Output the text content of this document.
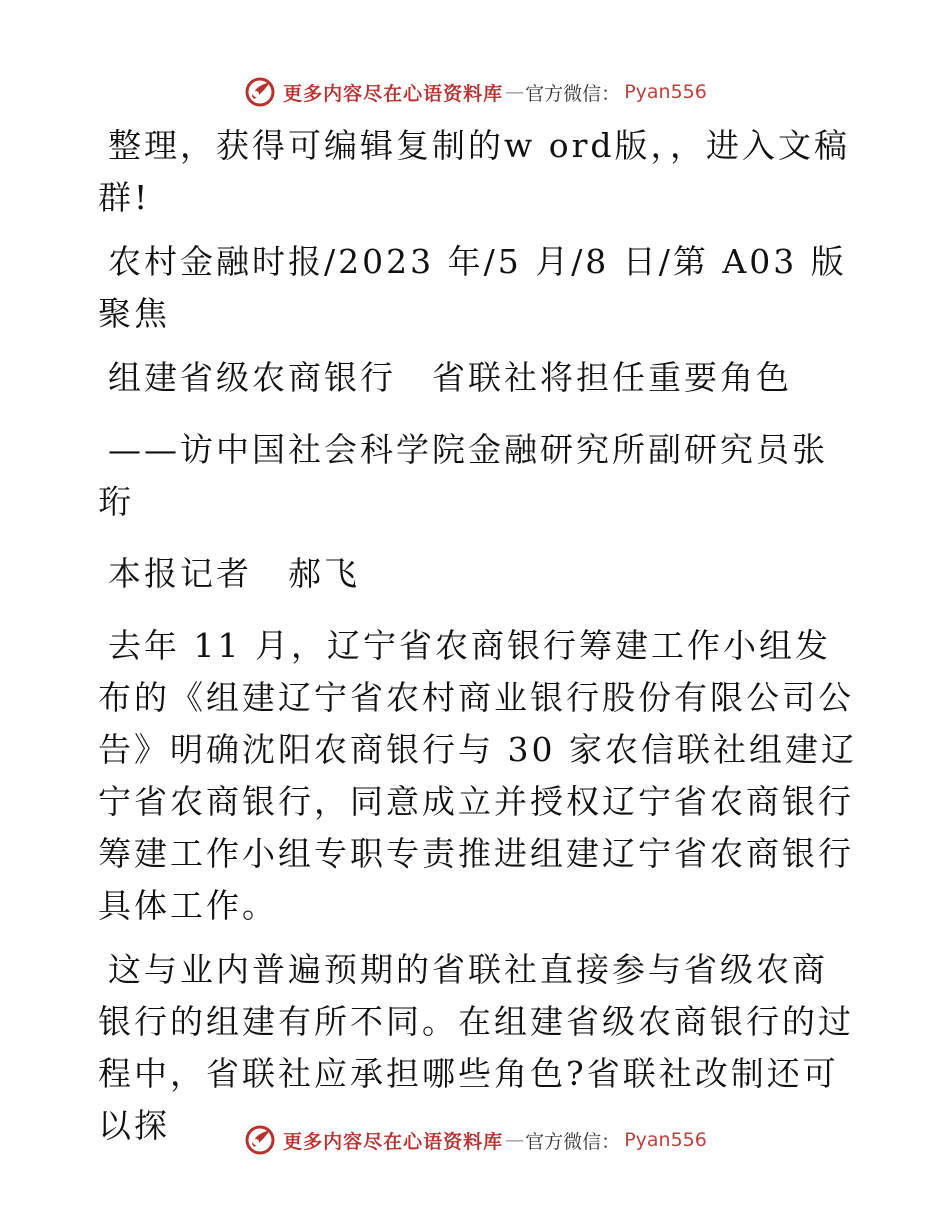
更多内容尽在心语资料库 — 官方微信： Pyan556

整理，获得可编辑复制的w ord版，，进入文稿群!

农村金融时报/2023 年/5 月/8 日/第 A03 版聚焦

组建省级农商银行　省联社将担任重要角色

——访中国社会科学院金融研究所副研究员张珩

本报记者　郝飞

去年 11 月，辽宁省农商银行筹建工作小组发布的《组建辽宁省农村商业银行股份有限公司公告》明确沈阳农商银行与 30 家农信联社组建辽宁省农商银行，同意成立并授权辽宁省农商银行筹建工作小组专职专责推进组建辽宁省农商银行具体工作。

这与业内普遍预期的省联社直接参与省级农商银行的组建有所不同。在组建省级农商银行的过程中，省联社应承担哪些角色?省联社改制还可以探	更多内容尽在心语资料库 — 官方微信： Pyan556
